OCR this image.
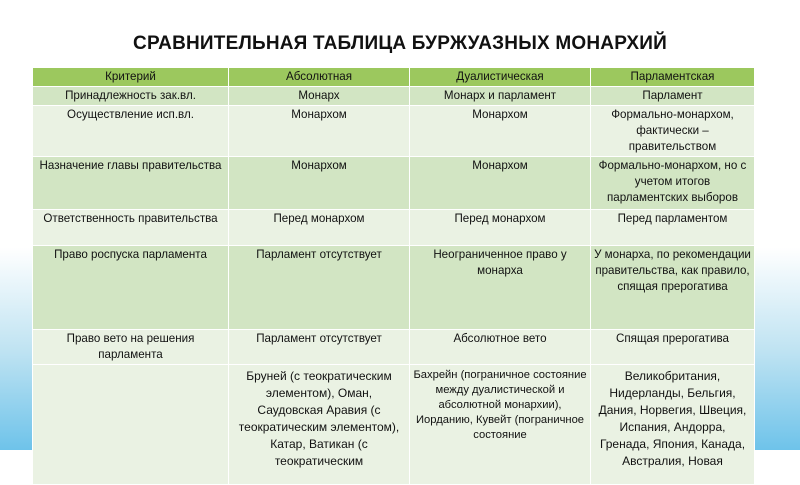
СРАВНИТЕЛЬНАЯ ТАБЛИЦА БУРЖУАЗНЫХ МОНАРХИЙ
Критерий	Абсолютная	Дуалистическая	Парламентская
Принадлежность зак.вл.	Монарх	Монарх и парламент	Парламент
Осуществление исп.вл.	Монархом	Монархом	Формально-монархом, фактически – правительством
Назначение главы правительства	Монархом	Монархом	Формально-монархом, но с учетом итогов парламентских выборов
Ответственность правительства	Перед монархом	Перед монархом	Перед парламентом
Право роспуска парламента	Парламент отсутствует	Неограниченное право у монарха	У монарха, по рекомендации правительства, как правило, спящая прерогатива
Право вето на решения парламента	Парламент отсутствует	Абсолютное вето	Спящая прерогатива
	Бруней (с теократическим элементом), Оман, Саудовская Аравия (с теократическим элементом), Катар, Ватикан (с теократическим	Бахрейн (пограничное состояние между дуалистической и абсолютной монархии), Иорданию, Кувейт (пограничное состояние	Великобритания, Нидерланды, Бельгия, Дания, Норвегия, Швеция, Испания, Андорра, Гренада, Япония, Канада, Австралия, Новая
